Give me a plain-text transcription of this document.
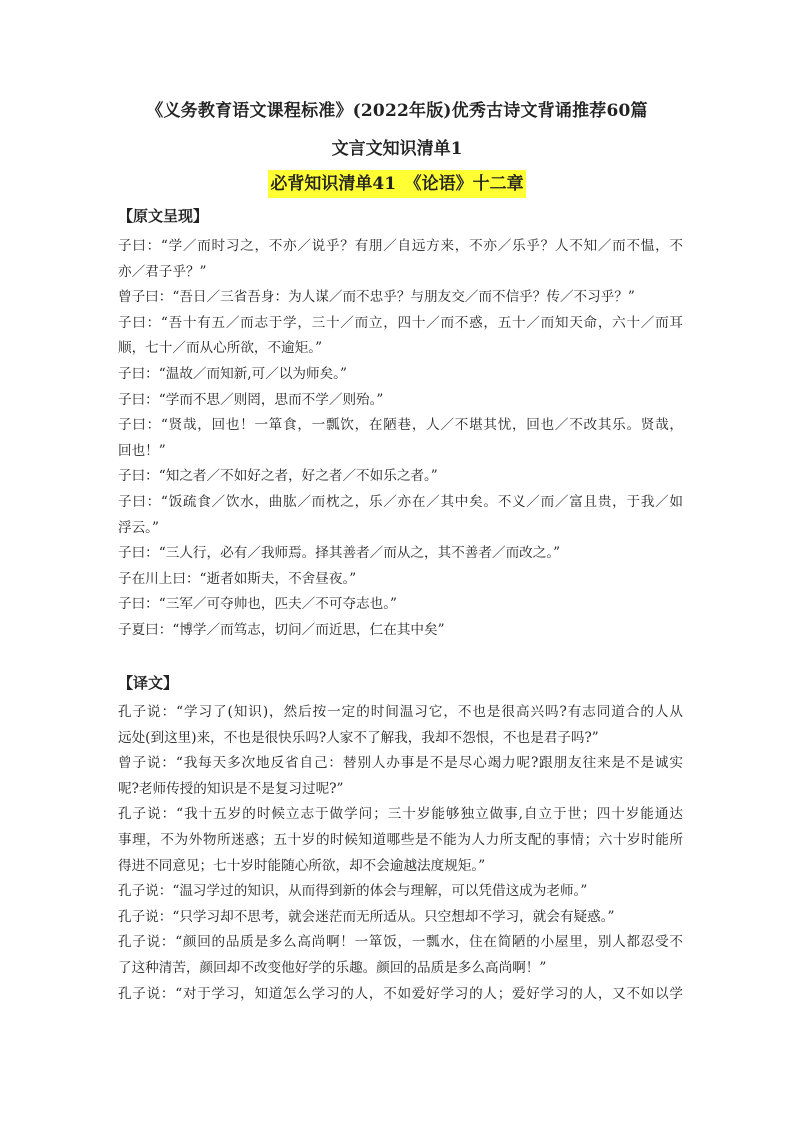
《义务教育语文课程标准》(2022年版)优秀古诗文背诵推荐60篇
文言文知识清单1
必背知识清单41　《论语》十二章
【原文呈现】
子曰：“学／而时习之，不亦／说乎？有朋／自远方来，不亦／乐乎？人不知／而不愠，不
亦／君子乎？”
曾子曰：“吾日／三省吾身：为人谋／而不忠乎？与朋友交／而不信乎？传／不习乎？”
子曰：“吾十有五／而志于学，三十／而立，四十／而不惑，五十／而知天命，六十／而耳
顺，七十／而从心所欲，不逾矩。”
子曰：“温故／而知新,可／以为师矣。”
子曰：“学而不思／则罔，思而不学／则殆。”
子曰：“贤哉，回也！一箪食，一瓢饮，在陋巷，人／不堪其忧，回也／不改其乐。贤哉，
回也！”
子曰：“知之者／不如好之者，好之者／不如乐之者。”
子曰：“饭疏食／饮水，曲肱／而枕之，乐／亦在／其中矣。不义／而／富且贵，于我／如
浮云。”
子曰：“三人行，必有／我师焉。择其善者／而从之，其不善者／而改之。”
子在川上曰：“逝者如斯夫，不舍昼夜。”
子曰：“三军／可夺帅也，匹夫／不可夺志也。”
子夏曰：“博学／而笃志，切问／而近思，仁在其中矣”
【译文】
孔子说：“学习了(知识)，然后按一定的时间温习它，不也是很高兴吗?有志同道合的人从
远处(到这里)来，不也是很快乐吗?人家不了解我，我却不怨恨，不也是君子吗?”
曾子说：“我每天多次地反省自己：替别人办事是不是尽心竭力呢?跟朋友往来是不是诚实
呢?老师传授的知识是不是复习过呢?”
孔子说：“我十五岁的时候立志于做学问；三十岁能够独立做事,自立于世；四十岁能通达
事理，不为外物所迷惑；五十岁的时候知道哪些是不能为人力所支配的事情；六十岁时能所
得进不同意见；七十岁时能随心所欲，却不会逾越法度规矩。”
孔子说：“温习学过的知识，从而得到新的体会与理解，可以凭借这成为老师。”
孔子说：“只学习却不思考，就会迷茫而无所适从。只空想却不学习，就会有疑惑。”
孔子说：“颜回的品质是多么高尚啊！一箪饭，一瓢水，住在简陋的小屋里，别人都忍受不
了这种清苦，颜回却不改变他好学的乐趣。颜回的品质是多么高尚啊！”
孔子说：“对于学习，知道怎么学习的人，不如爱好学习的人；爱好学习的人，又不如以学
